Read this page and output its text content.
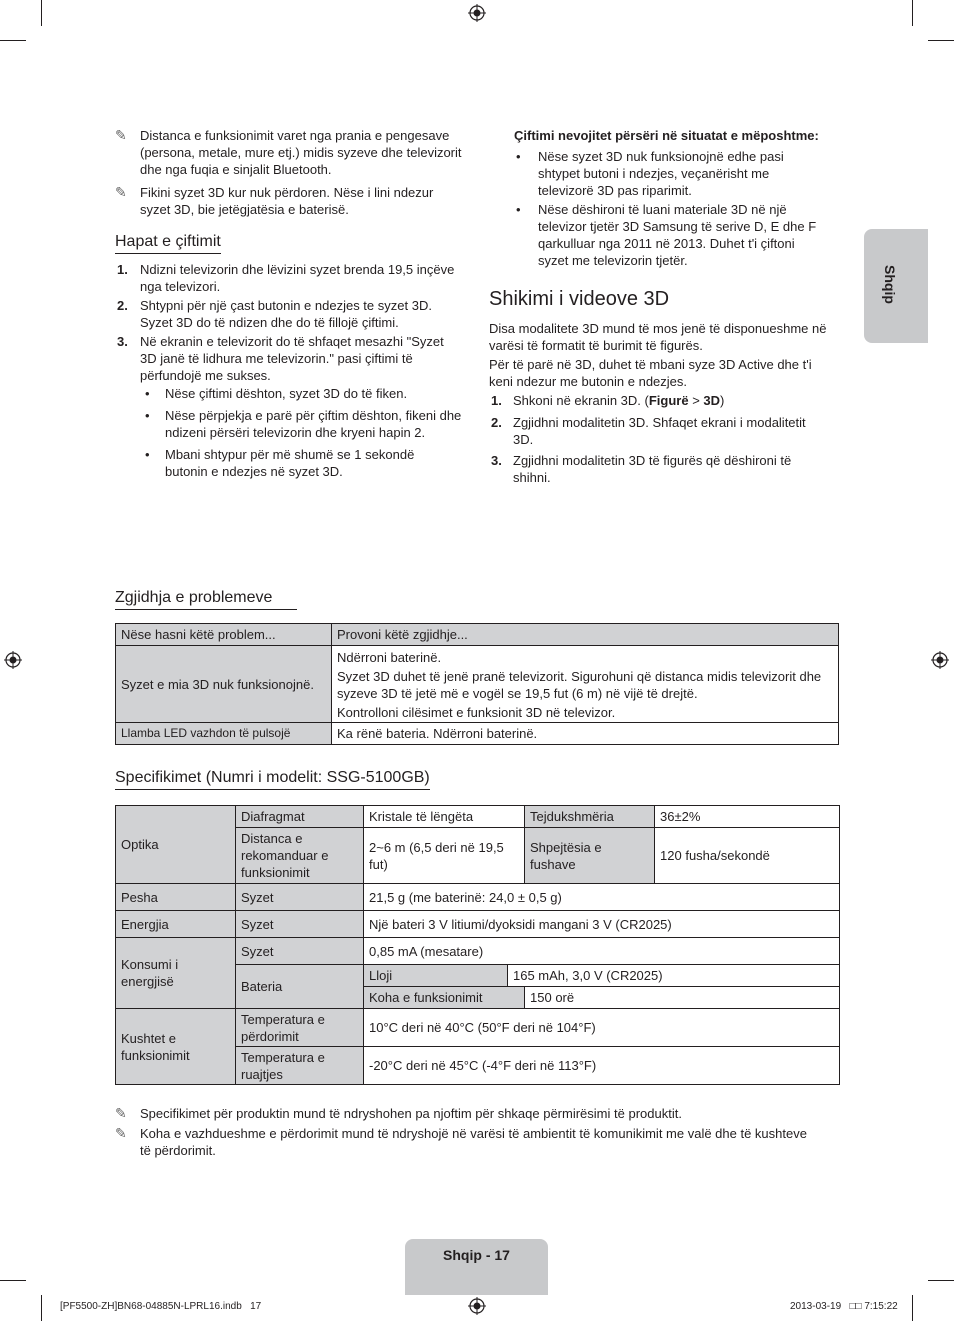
✎	Distanca e funksionimit varet nga prania e pengesave (persona, metale, mure etj.) midis syzeve dhe televizorit dhe nga fuqia e sinjalit Bluetooth.
✎	Fikini syzet 3D kur nuk përdoren. Nëse i lini ndezur syzet 3D, bie jetëgjatësia e baterisë.
Hapat e çiftimit
1. Ndizni televizorin dhe lëvizini syzet brenda 19,5 inçëve nga televizori.
2. Shtypni për një çast butonin e ndezjes te syzet 3D. Syzet 3D do të ndizen dhe do të fillojë çiftimi.
3. Në ekranin e televizorit do të shfaqet mesazhi "Syzet 3D janë të lidhura me televizorin." pasi çiftimi të përfundojë me sukses.
• Nëse çiftimi dështon, syzet 3D do të fiken.
• Nëse përpjekja e parë për çiftim dështon, fikeni dhe ndizeni përsëri televizorin dhe kryeni hapin 2.
• Mbani shtypur për më shumë se 1 sekondë butonin e ndezjes në syzet 3D.
Çiftimi nevojitet përsëri në situatat e mëposhtme:
• Nëse syzet 3D nuk funksionojnë edhe pasi shtypet butoni i ndezjes, veçanërisht me televizorë 3D pas riparimit.
• Nëse dëshironi të luani materiale 3D në një televizor tjetër 3D Samsung të serive D, E dhe F qarkulluar nga 2011 në 2013. Duhet t'i çiftoni syzet me televizorin tjetër.
Shikimi i videove 3D
Disa modalitete 3D mund të mos jenë të disponueshme në varësi të formatit të burimit të figurës.
Për të parë në 3D, duhet të mbani syze 3D Active dhe t'i keni ndezur me butonin e ndezjes.
1. Shkoni në ekranin 3D. (Figurë > 3D)
2. Zgjidhni modalitetin 3D. Shfaqet ekrani i modalitetit 3D.
3. Zgjidhni modalitetin 3D të figurës që dëshironi të shihni.
Zgjidhja e problemeve
Nëse hasni këtë problem...	Provoni këtë zgjidhje...
Syzet e mia 3D nuk funksionojnë.	Ndërroni baterinë.
Syzet 3D duhet të jenë pranë televizorit. Sigurohuni që distanca midis televizorit dhe syzeve 3D të jetë më e vogël se 19,5 fut (6 m) në vijë të drejtë.
Kontrolloni cilësimet e funksionit 3D në televizor.

Llamba LED vazhdon të pulsojë	Ka rënë bateria. Ndërroni baterinë.
Specifikimet (Numri i modelit: SSG-5100GB)
Optika	Diafragmat	Kristale të lëngëta		Tejdukshmëria	36±2%
	Distanca e rekomanduar e funksionimit	2~6 m (6,5 deri në 19,5 fut)		Shpejtësia e fushave	120 fusha/sekondë
Pesha	Syzet	21,5 g (me baterinë: 24,0 ± 0,5 g)			
Energjia	Syzet	Një bateri 3 V litiumi/dyoksidi mangani 3 V (CR2025)			
Konsumi i energjisë	Syzet	0,85 mA (mesatare)			
	Bateria	Lloji	165 mAh, 3,0 V (CR2025)		
		Koha e funksionimit		150 orë	
Kushtet e funksionimit	Temperatura e përdorimit	10°C deri në 40°C (50°F deri në 104°F)			
	Temperatura e ruajtjes	-20°C deri në 45°C (-4°F deri në 113°F)			
✎	Specifikimet për produktin mund të ndryshohen pa njoftim për shkaqe përmirësimi të produktit.
✎	Koha e vazhdueshme e përdorimit mund të ndryshojë në varësi të ambientit të komunikimit me valë dhe të kushteve të përdorimit.
Shqip
Shqip - 17
[PF5500-ZH]BN68-04885N-LPRL16.indb   17	2013-03-19   □□ 7:15:22
